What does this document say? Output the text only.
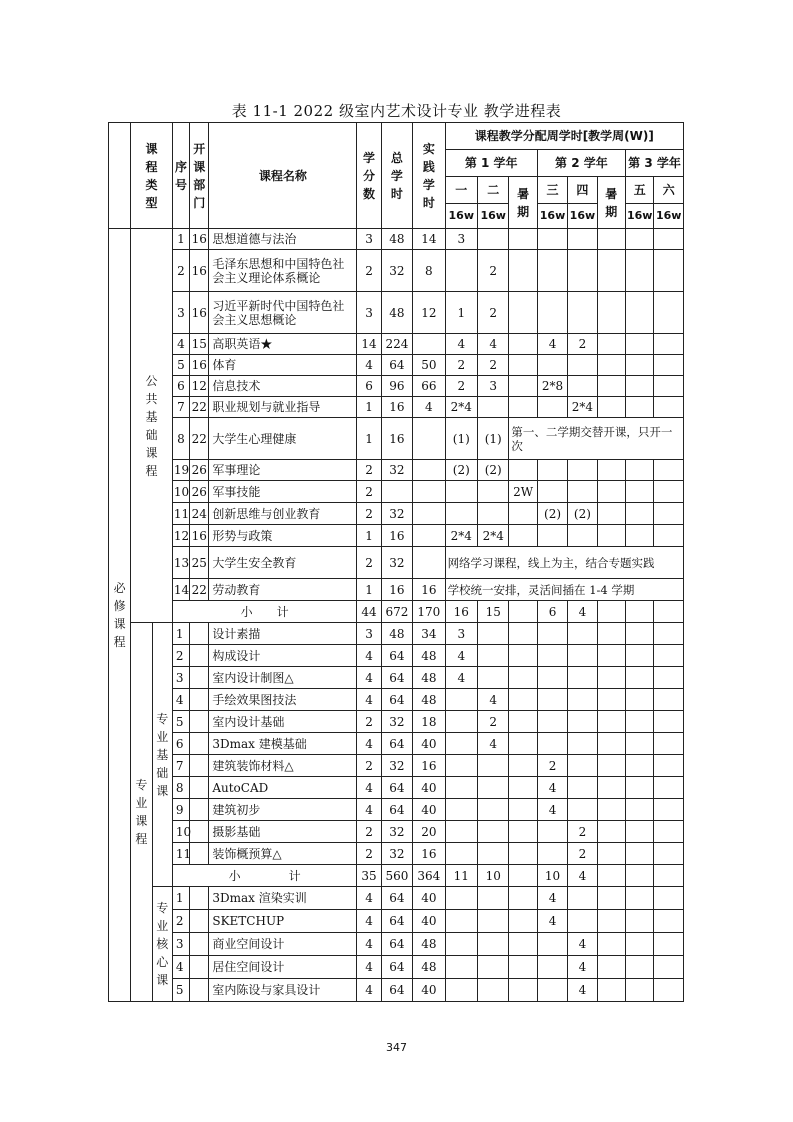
表 11-1 2022 级室内艺术设计专业 教学进程表
	课程类型		序号	开课部门	课程名称	学分数	总学时	实践学时	课程教学分配周学时[教学周(W)]							
									第 1 学年			第 2 学年			第 3 学年	
									一	二	暑期	三	四	暑期	五	六
									16w	16w		16w	16w		16w	16w
必修课程	公共基础课程		1	16	思想道德与法治	3	48	14	3							
			2	16	毛泽东思想和中国特色社会主义理论体系概论	2	32	8		2						
			3	16	习近平新时代中国特色社会主义思想概论	3	48	12	1	2						
			4	15	高职英语★	14	224		4	4		4	2			
			5	16	体育	4	64	50	2	2						
			6	12	信息技术	6	96	66	2	3		2*8				
			7	22	职业规划与就业指导	1	16	4	2*4				2*4			
			8	22	大学生心理健康	1	16		(1)	(1)	第一、二学期交替开课，只开一次					
			19	26	军事理论	2	32		(2)	(2)						
			10	26	军事技能	2					2W					
			11	24	创新思维与创业教育	2	32					(2)	(2)			
			12	16	形势与政策	1	16		2*4	2*4						
			13	25	大学生安全教育	2	32		网络学习课程，线上为主，结合专题实践							
			14	22	劳动教育	1	16	16	学校统一安排，灵活间插在 1-4 学期							
			小　　计			44	672	170	16	15		6	4			
	专业课程	专业基础课	1		设计素描	3	48	34	3							
			2		构成设计	4	64	48	4							
			3		室内设计制图△	4	64	48	4							
			4		手绘效果图技法	4	64	48		4						
			5		室内设计基础	2	32	18		2						
			6		3Dmax 建模基础	4	64	40		4						
			7		建筑装饰材料△	2	32	16				2				
			8		AutoCAD	4	64	40				4				
			9		建筑初步	4	64	40				4				
			10		摄影基础	2	32	20					2			
			11		装饰概预算△	2	32	16					2			
			小　　　　计			35	560	364	11	10		10	4			
		专业核心课	1		3Dmax 渲染实训	4	64	40				4				
			2		SKETCHUP	4	64	40				4				
			3		商业空间设计	4	64	48					4			
			4		居住空间设计	4	64	48					4			
			5		室内陈设与家具设计	4	64	40					4			
347
